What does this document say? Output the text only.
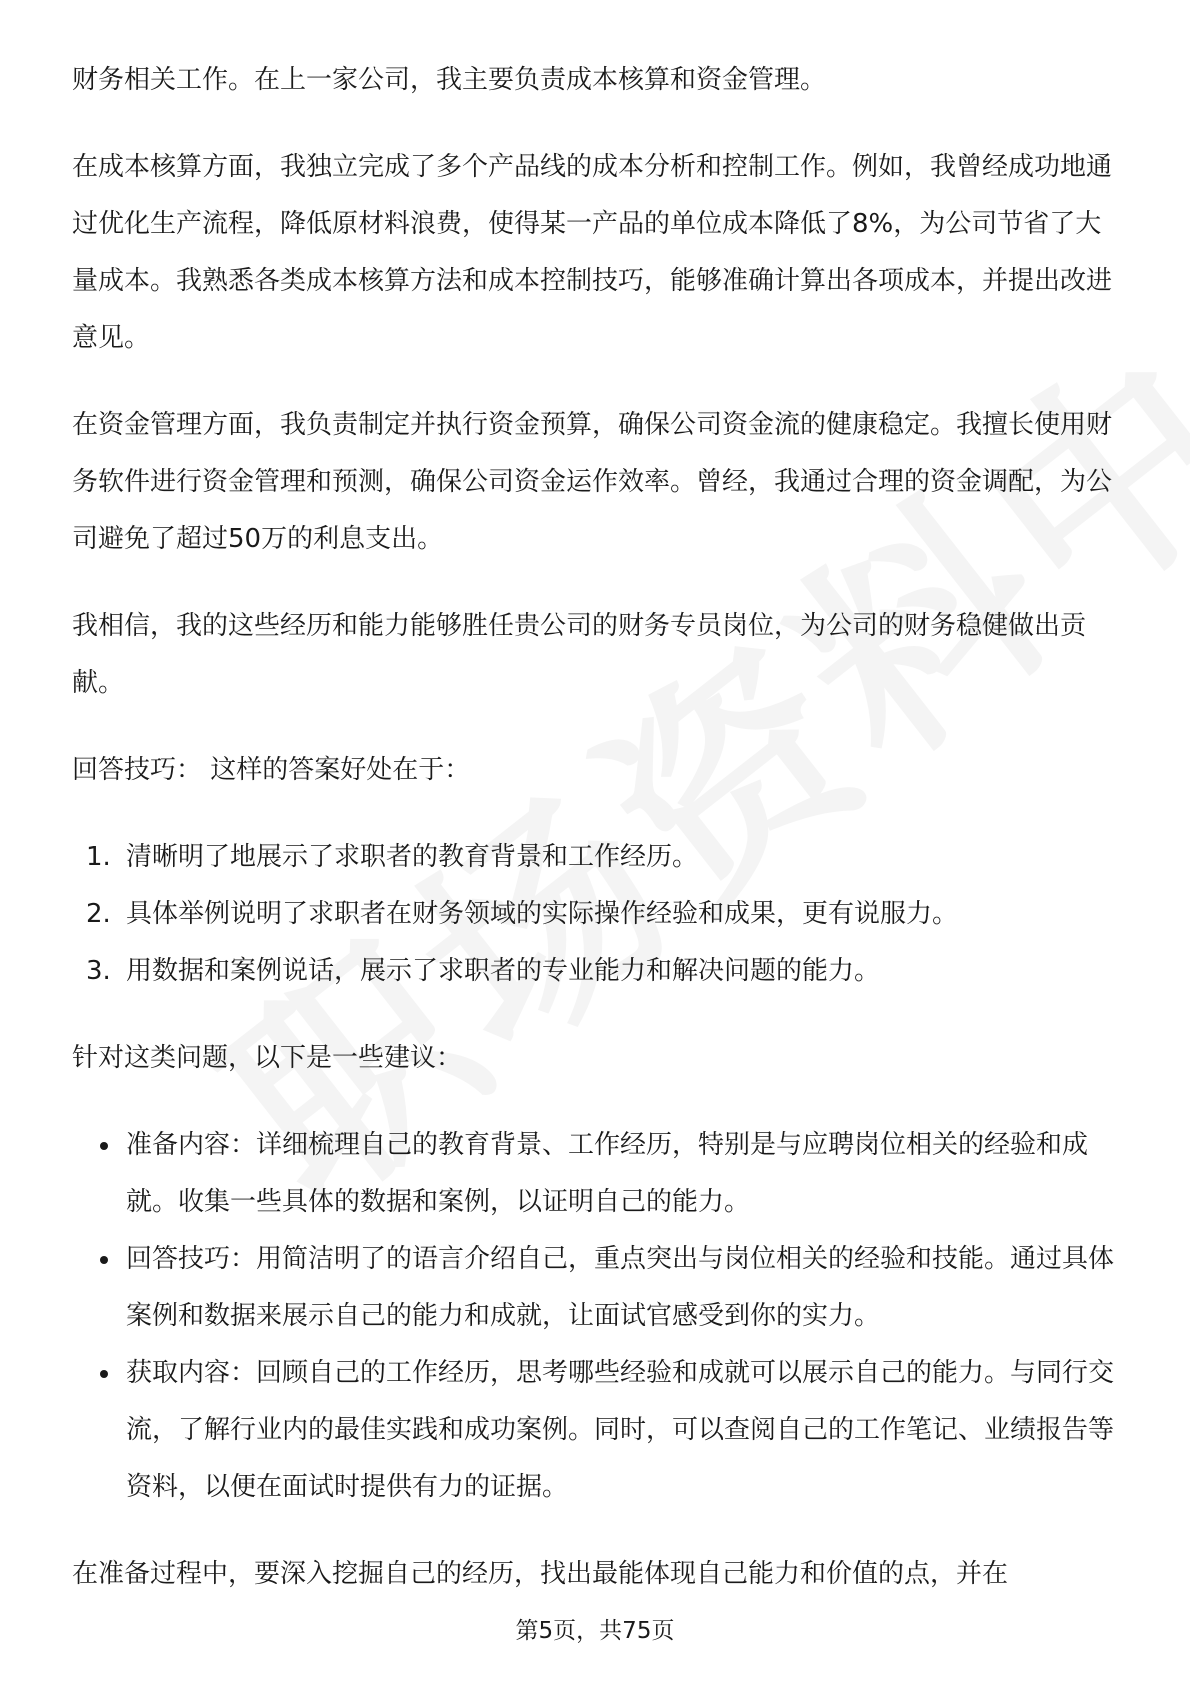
财务相关工作。在上一家公司，我主要负责成本核算和资金管理。

在成本核算方面，我独立完成了多个产品线的成本分析和控制工作。例如，我曾经成功地通过优化生产流程，降低原材料浪费，使得某一产品的单位成本降低了8%，为公司节省了大量成本。我熟悉各类成本核算方法和成本控制技巧，能够准确计算出各项成本，并提出改进意见。

在资金管理方面，我负责制定并执行资金预算，确保公司资金流的健康稳定。我擅长使用财务软件进行资金管理和预测，确保公司资金运作效率。曾经，我通过合理的资金调配，为公司避免了超过50万的利息支出。

我相信，我的这些经历和能力能够胜任贵公司的财务专员岗位，为公司的财务稳健做出贡献。

回答技巧： 这样的答案好处在于：

1. 清晰明了地展示了求职者的教育背景和工作经历。
2. 具体举例说明了求职者在财务领域的实际操作经验和成果，更有说服力。
3. 用数据和案例说话，展示了求职者的专业能力和解决问题的能力。

针对这类问题，以下是一些建议：

准备内容：详细梳理自己的教育背景、工作经历，特别是与应聘岗位相关的经验和成就。收集一些具体的数据和案例，以证明自己的能力。
回答技巧：用简洁明了的语言介绍自己，重点突出与岗位相关的经验和技能。通过具体案例和数据来展示自己的能力和成就，让面试官感受到你的实力。
获取内容：回顾自己的工作经历，思考哪些经验和成就可以展示自己的能力。与同行交流，了解行业内的最佳实践和成功案例。同时，可以查阅自己的工作笔记、业绩报告等资料，以便在面试时提供有力的证据。

在准备过程中，要深入挖掘自己的经历，找出最能体现自己能力和价值的点，并在

第5页，共75页
